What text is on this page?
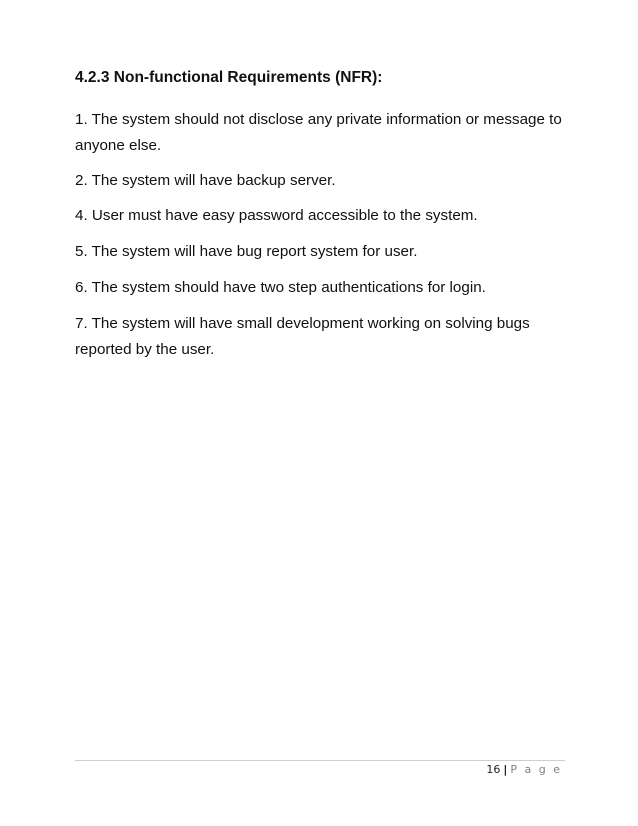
4.2.3 Non-functional Requirements (NFR):

1. The system should not disclose any private information or message to anyone else.

2. The system will have backup server.

4. User must have easy password accessible to the system.

5. The system will have bug report system for user.

6. The system should have two step authentications for login.

7. The system will have small development working on solving bugs reported by the user.

16 | P a g e
